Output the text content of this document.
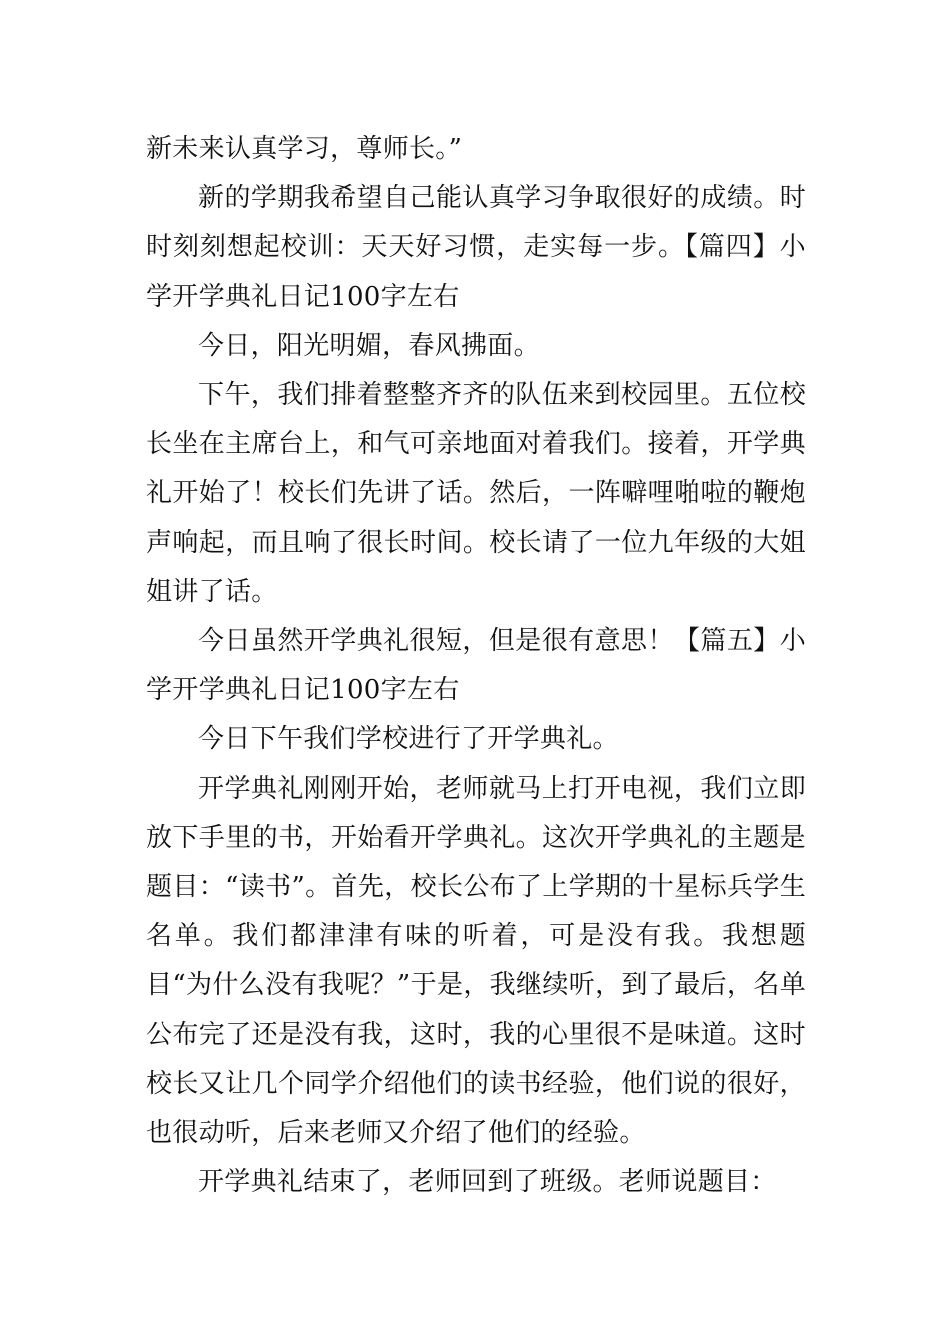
新未来认真学习，尊师长。”

新的学期我希望自己能认真学习争取很好的成绩。时时刻刻想起校训：天天好习惯，走实每一步。【篇四】小学开学典礼日记100字左右

今日，阳光明媚，春风拂面。

下午，我们排着整整齐齐的队伍来到校园里。五位校长坐在主席台上，和气可亲地面对着我们。接着，开学典礼开始了！校长们先讲了话。然后，一阵噼哩啪啦的鞭炮声响起，而且响了很长时间。校长请了一位九年级的大姐姐讲了话。

今日虽然开学典礼很短，但是很有意思！【篇五】小学开学典礼日记100字左右

今日下午我们学校进行了开学典礼。

开学典礼刚刚开始，老师就马上打开电视，我们立即放下手里的书，开始看开学典礼。这次开学典礼的主题是题目：“读书”。首先，校长公布了上学期的十星标兵学生名单。我们都津津有味的听着，可是没有我。我想题目“为什么没有我呢？”于是，我继续听，到了最后，名单公布完了还是没有我，这时，我的心里很不是味道。这时校长又让几个同学介绍他们的读书经验，他们说的很好，也很动听，后来老师又介绍了他们的经验。

开学典礼结束了，老师回到了班级。老师说题目：
